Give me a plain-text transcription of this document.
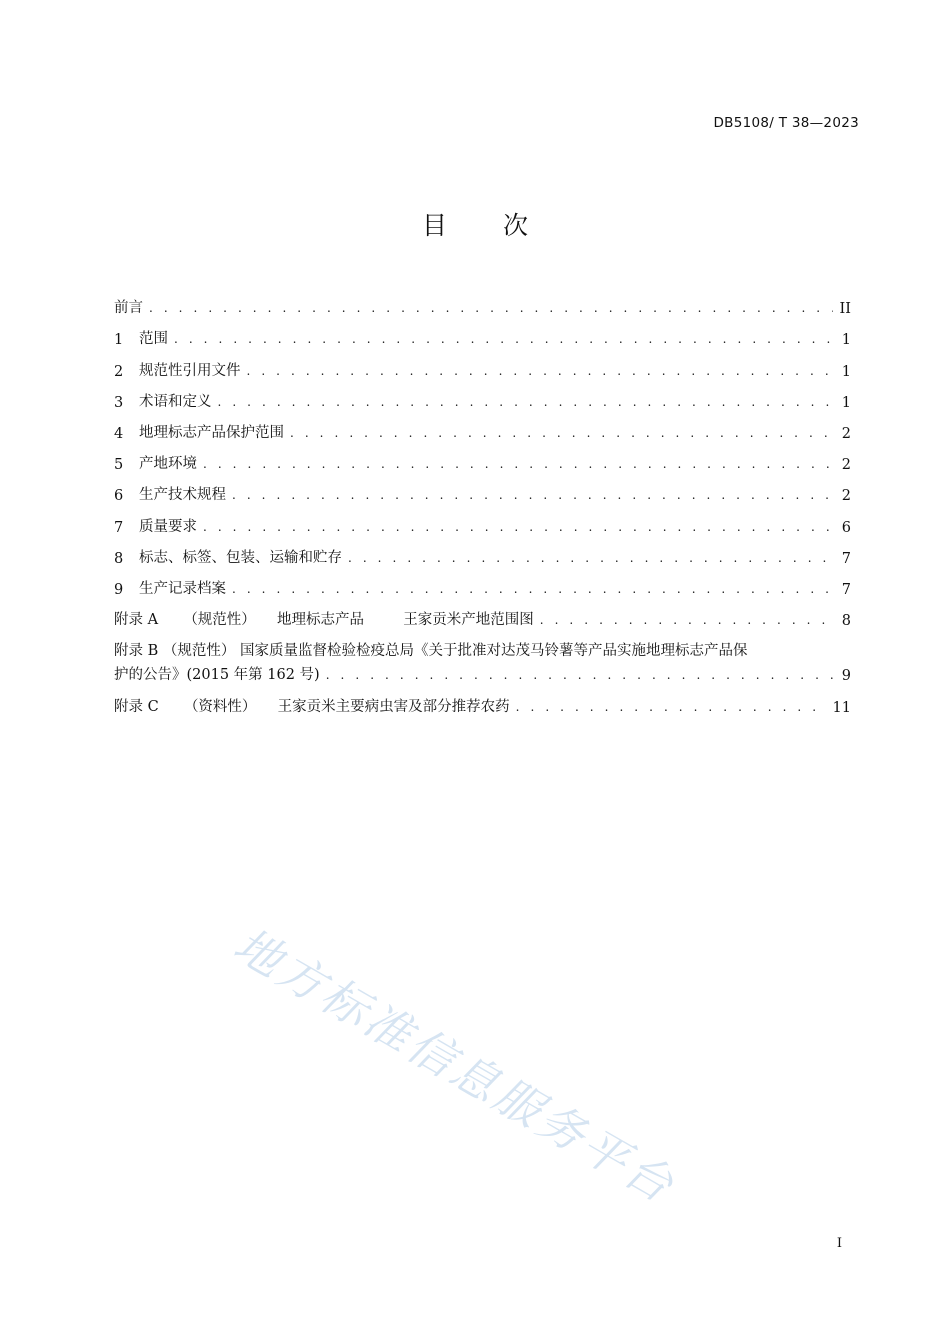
DB5108/ T 38—2023
目 次
前言 . . .	II
1	范围 . . .	1
2	规范性引用文件 . . .	1
3	术语和定义 . . .	1
4	地理标志产品保护范围 . . .	2
5	产地环境 . . .	2
6	生产技术规程 . . .	2
7	质量要求 . . .	6
8	标志、标签、包装、运输和贮存 . . .	7
9	生产记录档案 . . .	7
附录 A （规范性） 地理标志产品	王家贡米产地范围图 . . .	8
附录 B （规范性） 国家质量监督检验检疫总局《关于批准对达茂马铃薯等产品实施地理标志产品保
护的公告》(2015 年第 162 号) . . .	9
附录 C （资料性） 王家贡米主要病虫害及部分推荐农药 . . .	11
地方标准信息服务平台
I
